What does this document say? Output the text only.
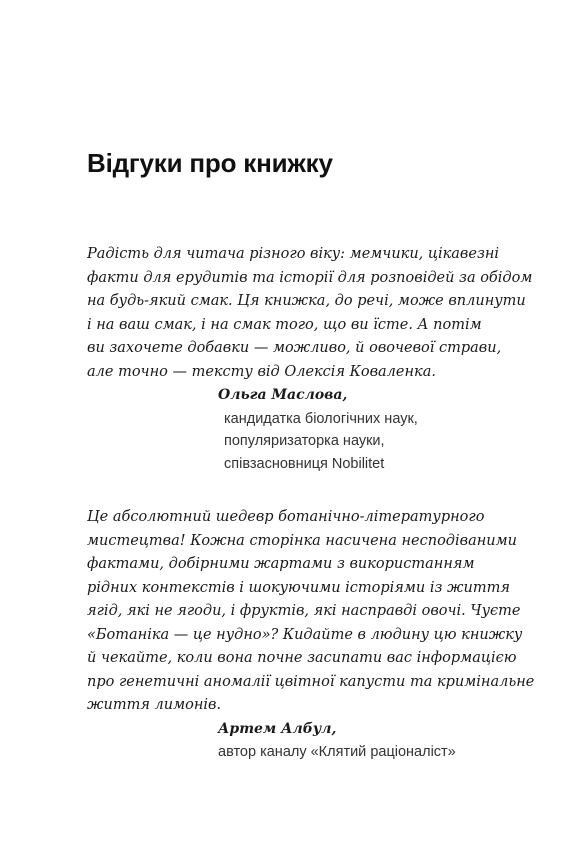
Відгуки про книжку

Радість для читача різного віку: мемчики, цікавезні
факти для ерудитів та історії для розповідей за обідом
на будь-який смак. Ця книжка, до речі, може вплинути
і на ваш смак, і на смак того, що ви їсте. А потім
ви захочете добавки — можливо, й овочевої страви,
але точно — тексту від Олексія Коваленка.

Ольга Маслова,
кандидатка біологічних наук,
популяризаторка науки,
співзасновниця Nobilitet

Це абсолютний шедевр ботанічно-літературного
мистецтва! Кожна сторінка насичена несподіваними
фактами, добірними жартами з використанням
рідних контекстів і шокуючими історіями із життя
ягід, які не ягоди, і фруктів, які насправді овочі. Чуєте
«Ботаніка — це нудно»? Кидайте в людину цю книжку
й чекайте, коли вона почне засипати вас інформацією
про генетичні аномалії цвітної капусти та кримінальне
життя лимонів.

Артем Албул,
автор каналу «Клятий раціоналіст»
